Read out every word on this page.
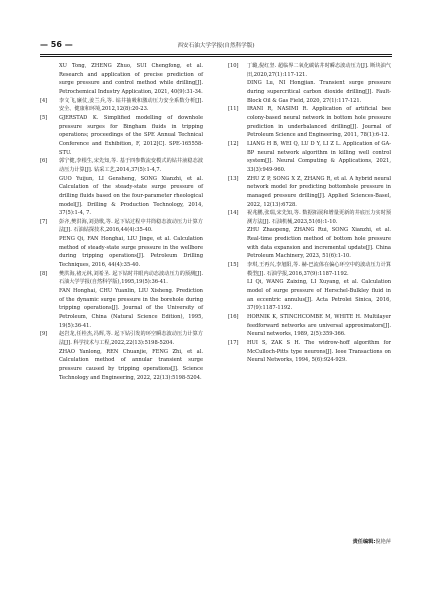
— 56 —	西安石油大学学报(自然科学版)
XU Tong, ZHENG Zhuo, SUI Chengfong, et al. Research and application of precise prediction of surge pressure and control method while drilling[J]. Petrochemical Industry Application, 2021, 40(9):31-34.
[4] 李文飞,廉仗,姜兰兵,等. 钻井抽吸和激动压力安全系数分析[J]. 安全、健康和环境,2012,12(8):20-23.
[5] GJERSTAD K. Simplified modelling of downhole pressure surges for Bingham fluids in tripping operations; proceedings of the SPE Annual Technical Conference and Exhibition, F, 2012[C]. SPE-165558-STU.
[6] 郭宁健,李根生,宋先知,等. 基于四参数流变模式的钻井液稳态波动压力计算[J]. 钻采工艺,2014,37(5):1-4,7.
GUO Yuijun, LI Gensheng, SONG Xianzhi, et al. Calculation of the steady-state surge pressure of drilling fluids based on the four-parameter rheological model[J]. Drilling & Production Technology, 2014, 37(5):1-4, 7.
[7] 彭齐,樊洪海,刘劲歌,等. 起下钻过程中井筒稳态波动压力计算方法[J]. 石油钻探技术,2016,44(4):35-40.
PENG Qi, FAN Honghai, LIU Jinge, et al. Calculation method of steady-state surge pressure in the wellbore during tripping operations[J]. Petroleum Drilling Techniques, 2016, 44(4):35-40.
[8] 樊洪海,褚元林,刘希圣. 起下钻时井眼内动态波动压力的预测[J]. 石油大学学报(自然科学版),1995,19(5):36-41.
FAN Honghai, CHU Yuanlin, LIU Xisheng. Prediction of the dynamic surge pressure in the borehole during tripping operations[J]. Journal of the University of Petroleum, China (Natural Science Edition), 1995, 19(5):36-41.
[9] 赵岩龙,任栓杰,冯辉,等. 起下钻引发的环空瞬态波动压力计算方法[J]. 科学技术与工程,2022,22(13):5198-5204.
ZHAO Yanlong, REN Chuanjie, FENG Zhi, et al. Calculation method of annular transient surge pressure caused by tripping operations[J]. Science Technology and Engineering, 2022, 22(13):5198-5204.
[10] 丁璐,倪红坚. 超临界二氧化碳钻井时瞬态波动压力[J]. 断块油气田,2020,27(1):117-121.
DING Lu, NI Hongjian. Transient surge pressure during supercritical carbon dioxide drilling[J]. Fault-Block Oil & Gas Field, 2020, 27(1):117-121.
[11] IRANI R, NASIMI R. Application of artificial bee colony-based neural network in bottom hole pressure prediction in underbalanced drilling[J]. Journal of Petroleum Science and Engineering, 2011, 78(1):6-12.
[12] LIANG H B, WEI Q, LU D Y, LI Z L. Application of GA-BP neural network algorithm in killing well control system[J]. Neural Computing & Applications, 2021, 33(3):949-960.
[13] ZHU Z P, SONG X Z, ZHANG R, et al. A hybrid neural network model for predicting bottomhole pressure in managed pressure drilling[J]. Applied Sciences-Basel, 2022, 12(13):6728.
[14] 祝兆鹏,张瑞,宋先知,等. 数据拓展和增量更新的井底压力实时预测方法[J]. 石油机械,2023,51(6):1-10.
ZHU Zhaopeng, ZHANG Rui, SONG Xianzhi, et al. Real-time prediction method of bottom hole pressure with data expansion and incremental update[J]. China Petroleum Machinery, 2023, 51(6):1-10.
[15] 李琪,王再兴,李旭阳,等. 赫-巴流体在偏心环空中的波动压力计算模型[J]. 石油学报,2016,37(9):1187-1192.
LI Qi, WANG Zaixing, LI Xuyang, et al. Calculation model of surge pressure of Herschel-Bulkley fluid in an eccentric annulus[J]. Acta Petrolei Sinica, 2016, 37(9):1187-1192.
[16] HORNIK K, STINCHCOMBE M, WHITE H. Multilayer feedforward networks are universal approximators[J]. Neural networks, 1989, 2(5):359-366.
[17] HUI S, ZAK S H. The widrow-hoff algorithm for McCulloch-Pitts type neurons[J]. Ieee Transactions on Neural Networks, 1994, 5(6):924-929.
责任编辑:倪艳萍
